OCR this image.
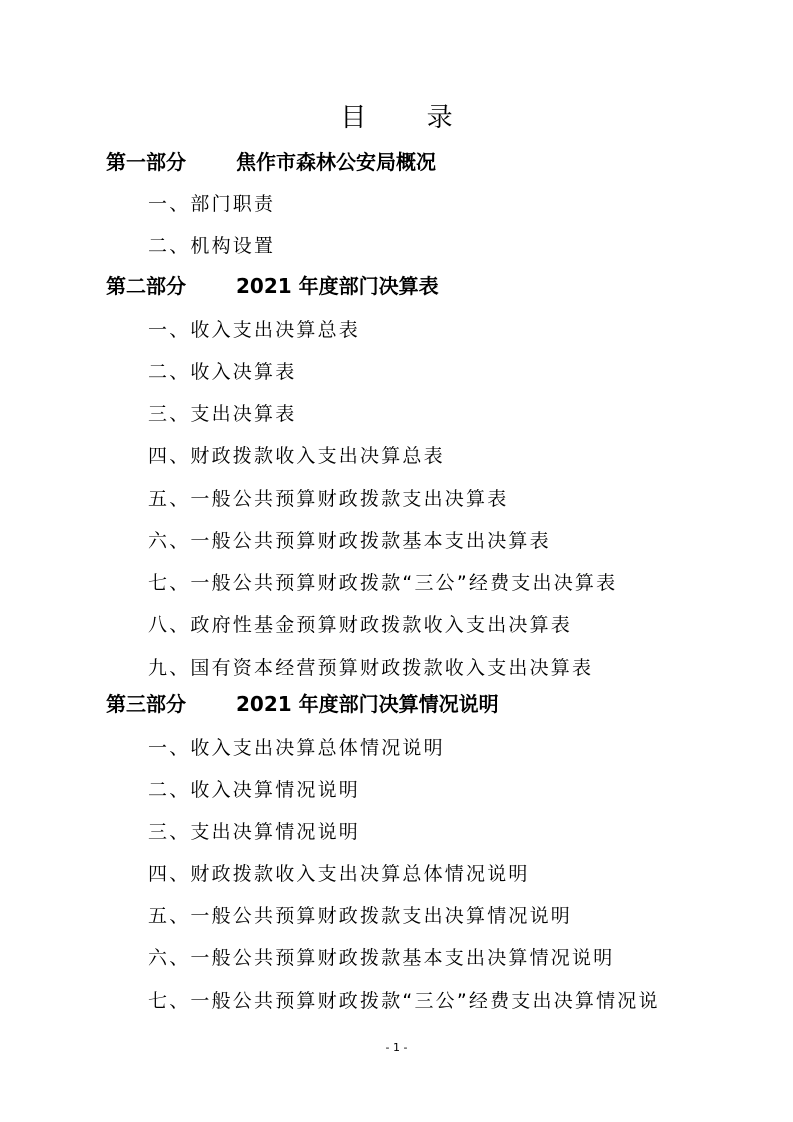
目 录
第一部分	焦作市森林公安局概况
一、部门职责
二、机构设置
第二部分	2021 年度部门决算表
一、收入支出决算总表
二、收入决算表
三、支出决算表
四、财政拨款收入支出决算总表
五、一般公共预算财政拨款支出决算表
六、一般公共预算财政拨款基本支出决算表
七、一般公共预算财政拨款“三公”经费支出决算表
八、政府性基金预算财政拨款收入支出决算表
九、国有资本经营预算财政拨款收入支出决算表
第三部分	2021 年度部门决算情况说明
一、收入支出决算总体情况说明
二、收入决算情况说明
三、支出决算情况说明
四、财政拨款收入支出决算总体情况说明
五、一般公共预算财政拨款支出决算情况说明
六、一般公共预算财政拨款基本支出决算情况说明
七、一般公共预算财政拨款“三公”经费支出决算情况说
- 1 -
